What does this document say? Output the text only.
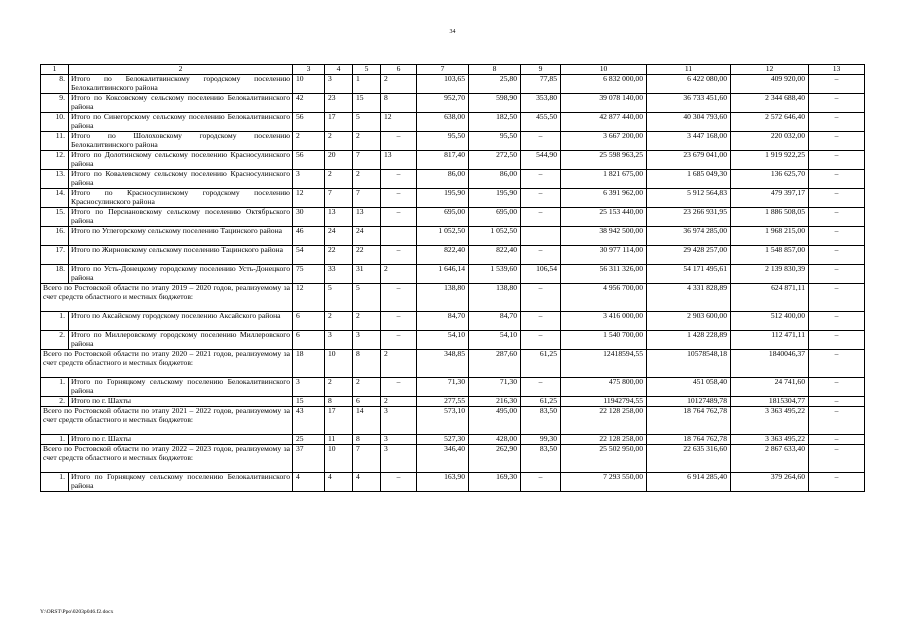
34
1	2	3	4	5	6	7	8	9	10	11	12	13
8.	Итого по Белокалитвинскому городскому поселению Белокалитвинского района	10	3	1	2	103,65	25,80	77,85	6 832 000,00	6 422 080,00	409 920,00	–
9.	Итого по Коксовскому сельскому поселению Белокалитвинского района	42	23	15	8	952,70	598,90	353,80	39 078 140,00	36 733 451,60	2 344 688,40	–
10.	Итого по Синегорскому сельскому поселению Белокалитвинского района	56	17	5	12	638,00	182,50	455,50	42 877 440,00	40 304 793,60	2 572 646,40	–
11.	Итого по Шолоховскому городскому поселению Белокалитвинского района	2	2	2	–	95,50	95,50	–	3 667 200,00	3 447 168,00	220 032,00	–
12.	Итого по Долотинскому сельскому поселению Красносулинского района	56	20	7	13	817,40	272,50	544,90	25 598 963,25	23 679 041,00	1 919 922,25	–
13.	Итого по Ковалевскому сельскому поселению Красносулинского района	3	2	2	–	86,00	86,00	–	1 821 675,00	1 685 049,30	136 625,70	–
14.	Итого по Красносулинскому городскому поселению Красносулинского района	12	7	7	–	195,90	195,90	–	6 391 962,00	5 912 564,83	479 397,17	–
15.	Итого по Персиановскому сельскому поселению Октябрьского района	30	13	13	–	695,00	695,00	–	25 153 440,00	23 266 931,95	1 886 508,05	–
16.	Итого по Углегорскому сельскому поселению Тацинского района	46	24	24		1 052,50	1 052,50		38 942 500,00	36 974 285,00	1 968 215,00	–
17.	Итого по Жирновскому сельскому поселению Тацинского района	54	22	22	–	822,40	822,40	–	30 977 114,00	29 428 257,00	1 548 857,00	–
18.	Итого по Усть-Донецкому городскому поселению Усть-Донецкого района	75	33	31	2	1 646,14	1 539,60	106,54	56 311 326,00	54 171 495,61	2 139 830,39	–
Всего по Ростовской области по этапу 2019 – 2020 годов, реализуемому за счет средств областного и местных бюджетов:		12	5	5	–	138,80	138,80	–	4 956 700,00	4 331 828,89	624 871,11	–
1.	Итого по Аксайскому городскому поселению Аксайского района	6	2	2	–	84,70	84,70	–	3 416 000,00	2 903 600,00	512 400,00	–
2.	Итого по Миллеровскому городскому поселению Миллеровского района	6	3	3	–	54,10	54,10	–	1 540 700,00	1 428 228,89	112 471,11	–
Всего по Ростовской области по этапу 2020 – 2021 годов, реализуемому за счет средств областного и местных бюджетов:		18	10	8	2	348,85	287,60	61,25	12418594,55	10578548,18	1840046,37	–
1.	Итого по Горняцкому сельскому поселению Белокалитвинского района	3	2	2	–	71,30	71,30	–	475 800,00	451 058,40	24 741,60	–
2.	Итого по г. Шахты	15	8	6	2	277,55	216,30	61,25	11942794,55	10127489,78	1815304,77	–
Всего по Ростовской области по этапу 2021 – 2022 годов, реализуемому за счет средств областного и местных бюджетов:		43	17	14	3	573,10	495,00	83,50	22 128 258,00	18 764 762,78	3 363 495,22	–
1.	Итого по г. Шахты	25	11	8	3	527,30	428,00	99,30	22 128 258,00	18 764 762,78	3 363 495,22	–
Всего по Ростовской области по этапу 2022 – 2023 годов, реализуемому за счет средств областного и местных бюджетов:		37	10	7	3	346,40	262,90	83,50	25 502 950,00	22 635 316,60	2 867 633,40	–
1.	Итого по Горняцкому сельскому поселению Белокалитвинского района	4	4	4	–	163,90	169,30	–	7 293 550,00	6 914 285,40	379 264,60	–
Y:\ORST\Ppo\0203p046.f2.docx
